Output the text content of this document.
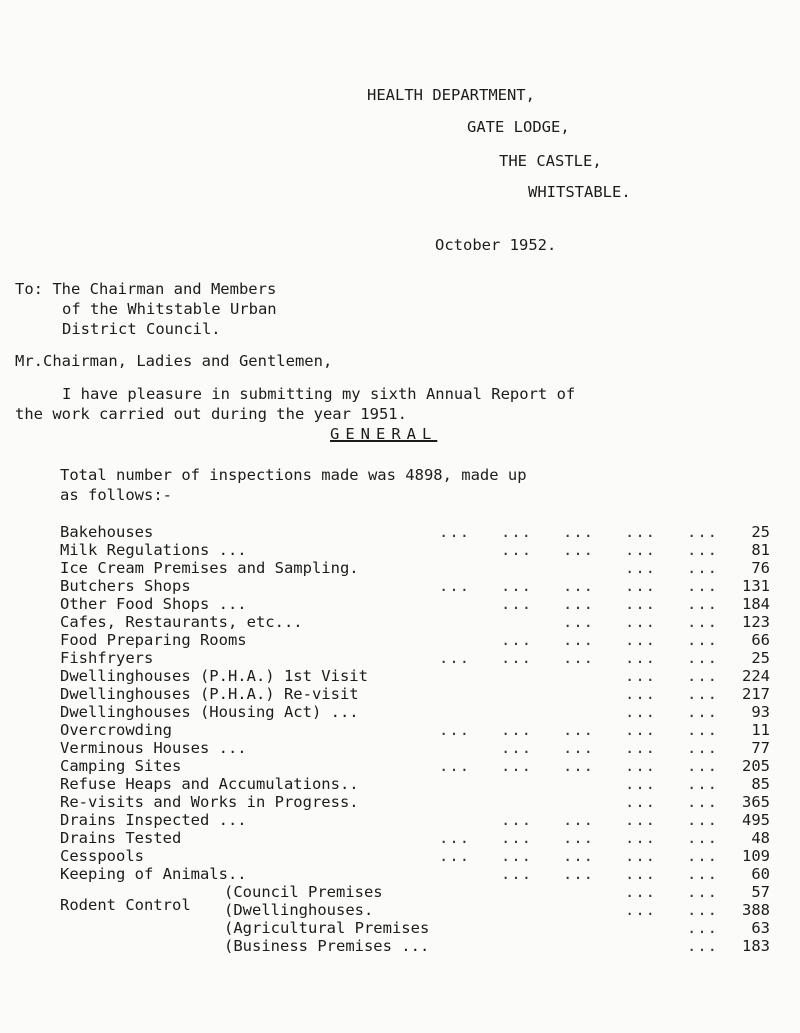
HEALTH DEPARTMENT,
GATE LODGE,
THE CASTLE,
WHITSTABLE.
October 1952.
To: The Chairman and Members
of the Whitstable Urban
District Council.
Mr.Chairman, Ladies and Gentlemen,
I have pleasure in submitting my sixth Annual Report of
the work carried out during the year 1951.
GENERAL
Total number of inspections made was 4898, made up
as follows:-
Bakehouses	...   ...   ...   ...   ...	25
Milk Regulations ...	...   ...   ...   ...	81
Ice Cream Premises and Sampling.	...   ...	76
Butchers Shops	...   ...   ...   ...   ...	131
Other Food Shops ...	...   ...   ...   ...	184
Cafes, Restaurants, etc...	...   ...   ...	123
Food Preparing Rooms	...   ...   ...   ...	66
Fishfryers	...   ...   ...   ...   ...	25
Dwellinghouses (P.H.A.) 1st Visit	...   ...	224
Dwellinghouses (P.H.A.) Re-visit	...   ...	217
Dwellinghouses (Housing Act) ...	...   ...	93
Overcrowding	...   ...   ...   ...   ...	11
Verminous Houses ...	...   ...   ...   ...	77
Camping Sites	...   ...   ...   ...   ...	205
Refuse Heaps and Accumulations..	...   ...	85
Re-visits and Works in Progress.	...   ...	365
Drains Inspected ...	...   ...   ...   ...	495
Drains Tested	...   ...   ...   ...   ...	48
Cesspools	...   ...   ...   ...   ...	109
Keeping of Animals..	...   ...   ...   ...	60
Rodent Control
(Council Premises	...   ...	57
(Dwellinghouses.	...   ...	388
(Agricultural Premises	...	63
(Business Premises ...	...	183
